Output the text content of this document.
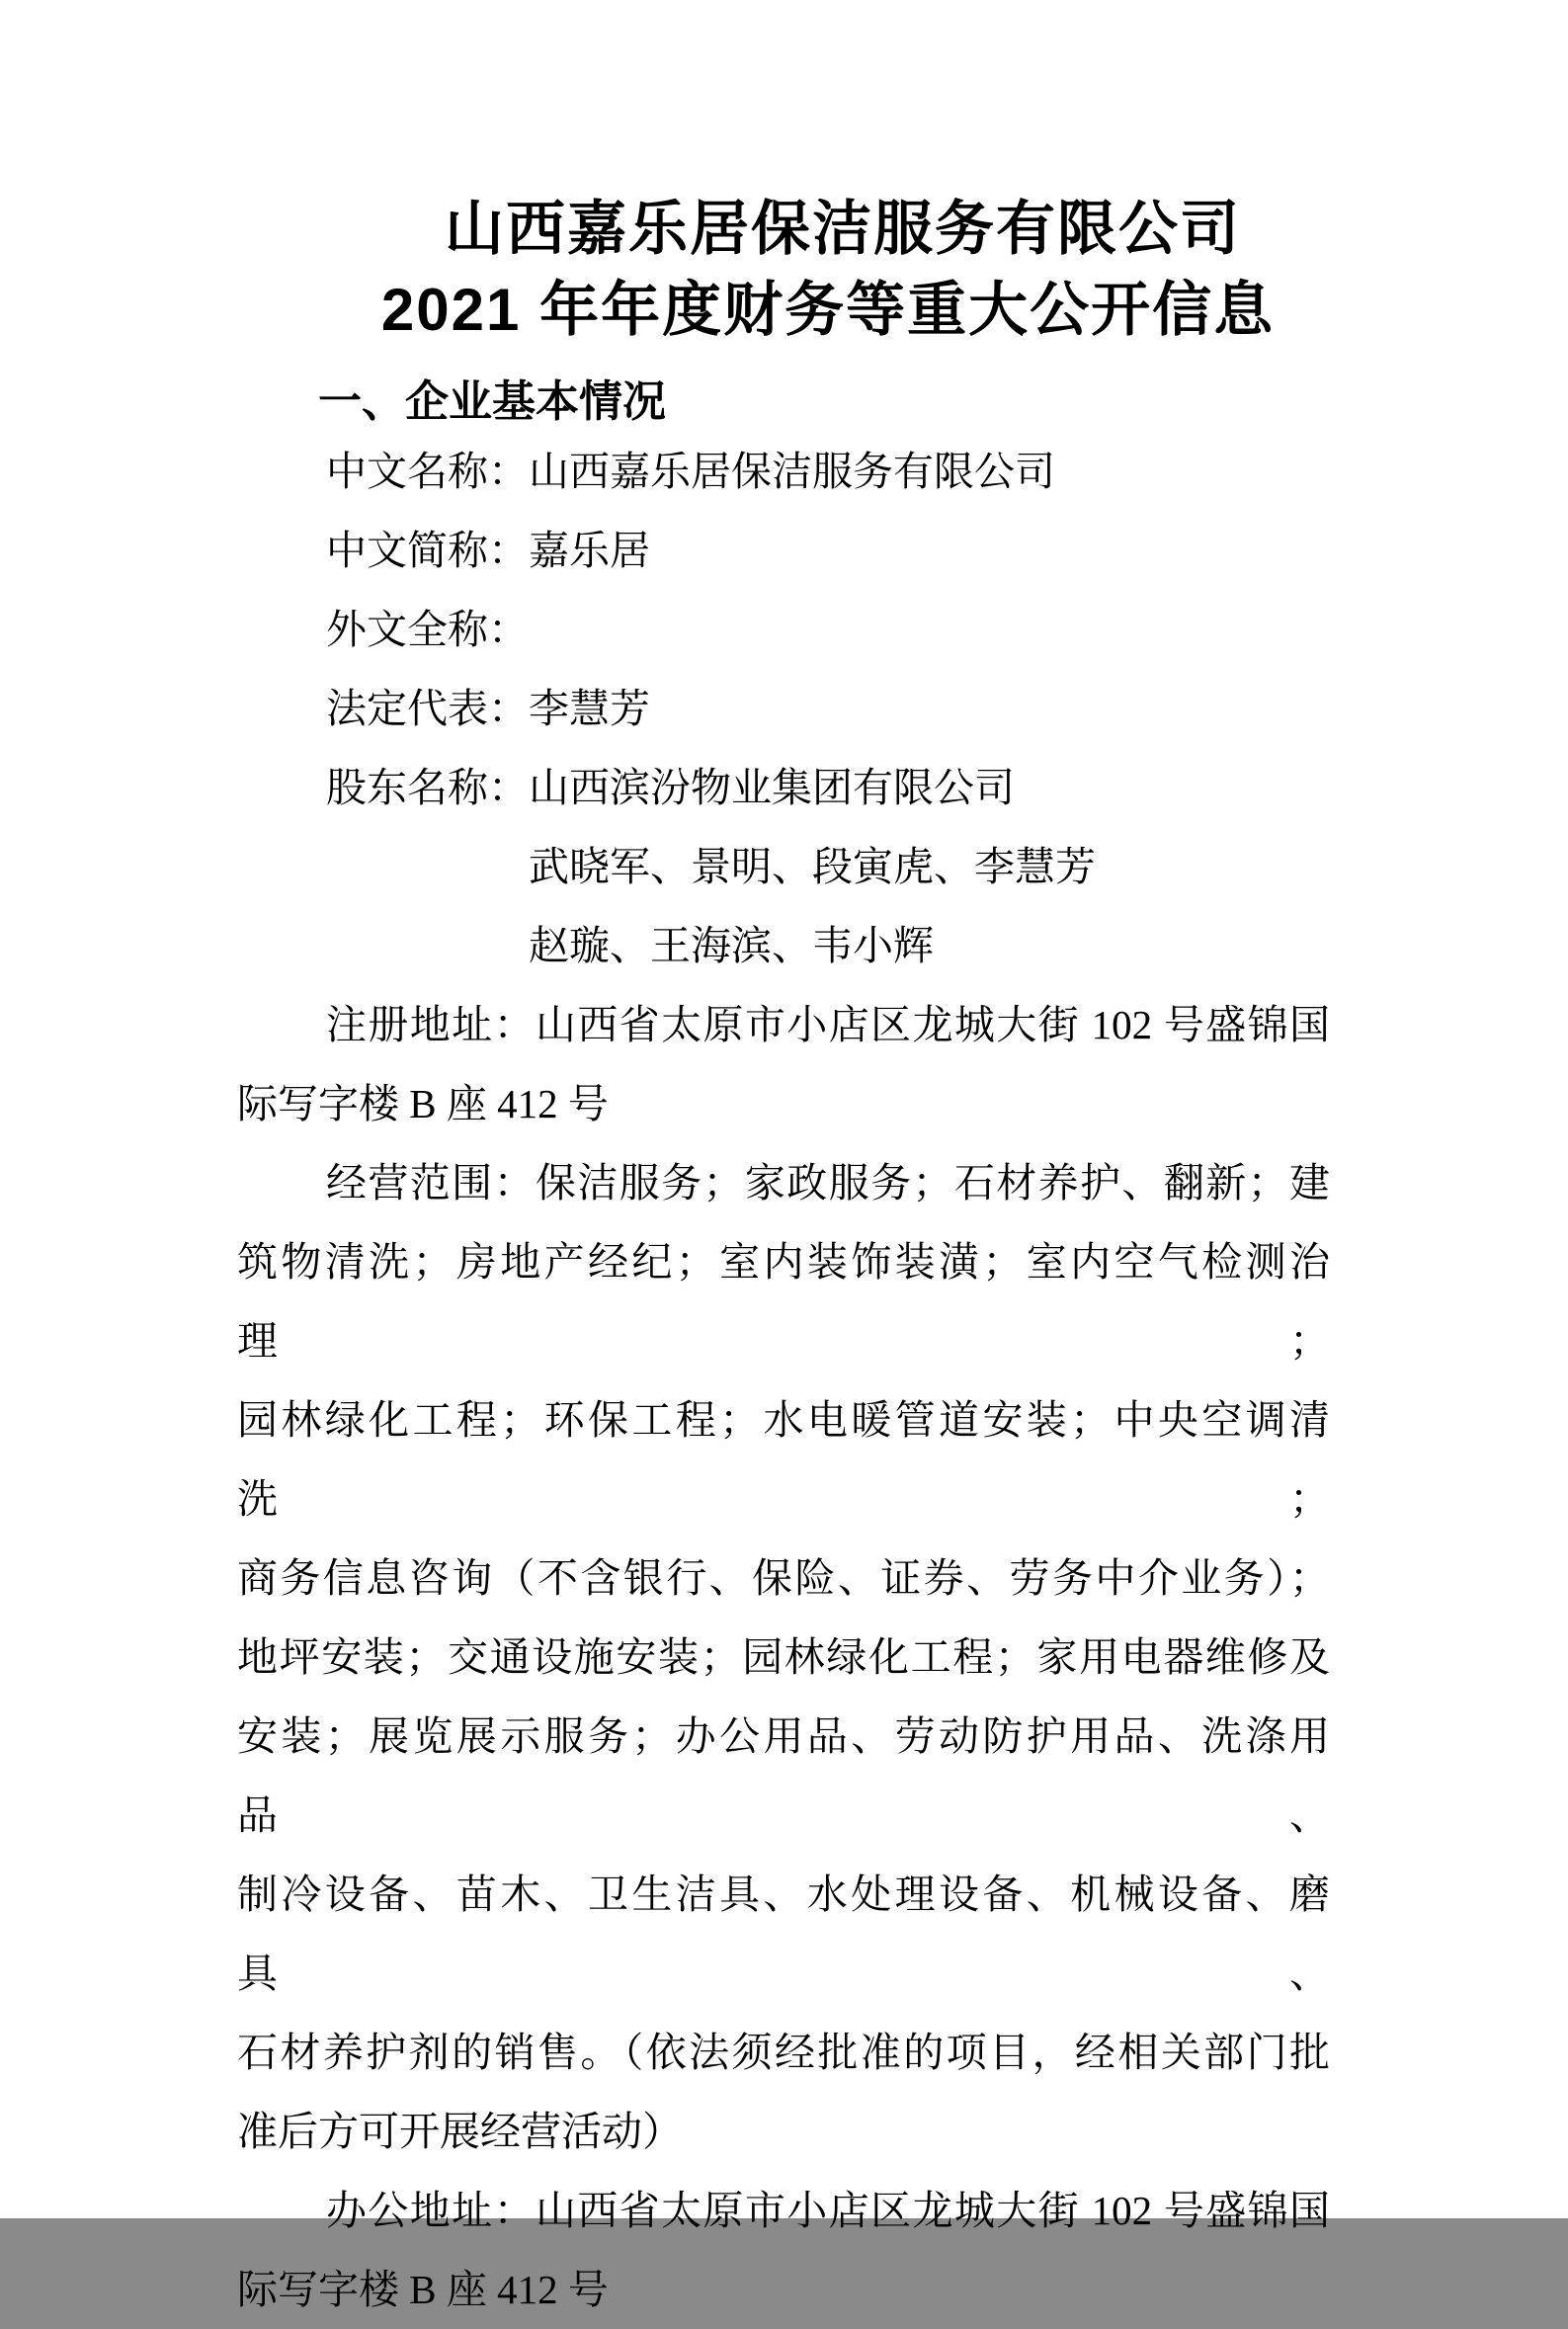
山西嘉乐居保洁服务有限公司
2021 年年度财务等重大公开信息
一、企业基本情况
中文名称：山西嘉乐居保洁服务有限公司
中文简称：嘉乐居
外文全称：
法定代表：李慧芳
股东名称：山西滨汾物业集团有限公司
武晓军、景明、段寅虎、李慧芳
赵璇、王海滨、韦小辉
注册地址：山西省太原市小店区龙城大街 102 号盛锦国
际写字楼 B 座 412 号
经营范围：保洁服务；家政服务；石材养护、翻新；建
筑物清洗；房地产经纪；室内装饰装潢；室内空气检测治理；
园林绿化工程；环保工程；水电暖管道安装；中央空调清洗；
商务信息咨询（不含银行、保险、证券、劳务中介业务）；
地坪安装；交通设施安装；园林绿化工程；家用电器维修及
安装；展览展示服务；办公用品、劳动防护用品、洗涤用品、
制冷设备、苗木、卫生洁具、水处理设备、机械设备、磨具、
石材养护剂的销售。（依法须经批准的项目，经相关部门批
准后方可开展经营活动）
办公地址：山西省太原市小店区龙城大街 102 号盛锦国
际写字楼 B 座 412 号
